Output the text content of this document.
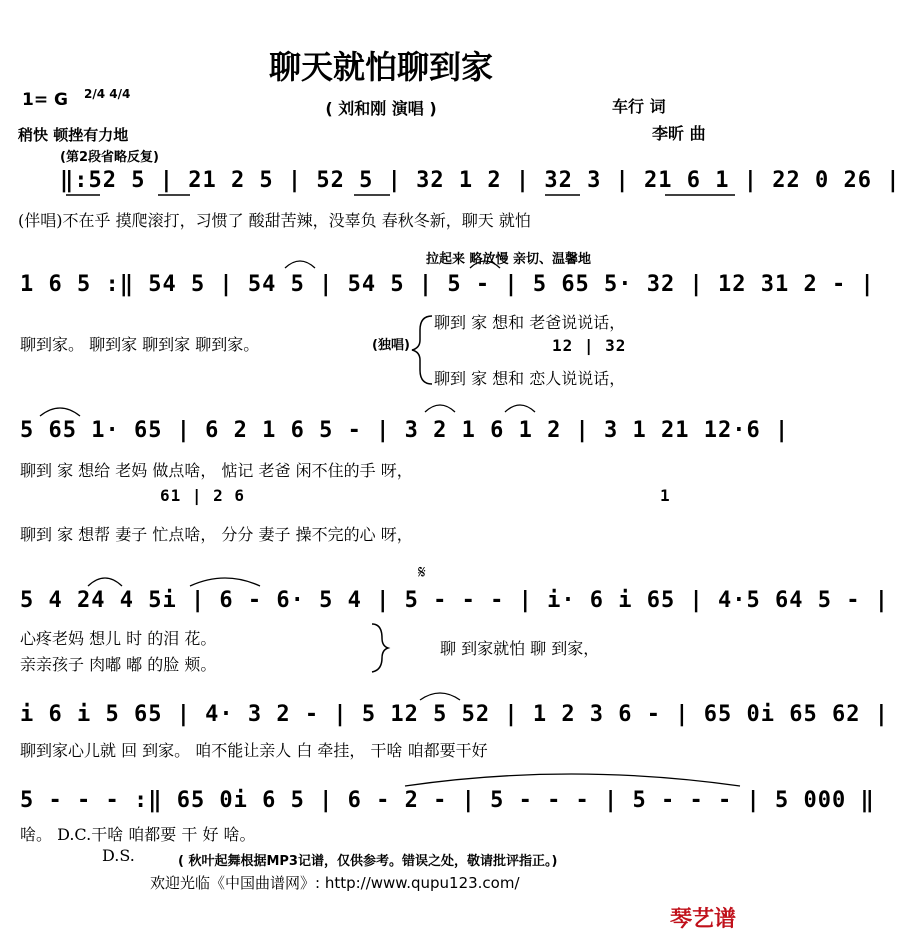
聊天就怕聊到家
( 刘和刚 演唱 )
1= G 2/4 4/4
稍快 顿挫有力地
(第2段省略反复)
车行 词
李昕 曲
‖:52 5 | 21 2 5 | 52 5 | 32 1 2 | 32 3 | 21 6 1 | 22 0 26 |
(伴唱)不在乎 摸爬滚打，习惯了 酸甜苦辣，没辜负 春秋冬新，聊天 就怕
拉起来 略放慢 亲切、温馨地
1 6 5 :‖ 54 5 | 54 5 | 54 5 | 5 - | 5 65 5· 32 | 12 31 2 - |
聊到家。 聊到家 聊到家 聊到家。	(独唱)
聊到 家 想和 老爸说说话，
12 | 32
聊到 家 想和 恋人说说话，
5 65 1· 65 | 6 2 1 6 5 - | 3 2 1 6 1 2 | 3 1 21 12·6 |
聊到 家 想给 老妈 做点啥， 惦记 老爸 闲不住的手 呀，
61 | 2 6	1
聊到 家 想帮 妻子 忙点啥， 分分 妻子 操不完的心 呀，
𝄋
5 4 24 4 5i | 6 - 6· 5 4 | 5 - - - | i· 6 i 65 | 4·5 64 5 - |
心疼老妈 想儿 时 的泪 花。
亲亲孩子 肉嘟 嘟 的脸 颊。
聊 到家就怕 聊 到家，
i 6 i 5 65 | 4· 3 2 - | 5 12 5 52 | 1 2 3 6 - | 65 0i 65 62 |
聊到家心儿就 回 到家。 咱不能让亲人 白 牵挂， 干啥 咱都要干好
5 - - - :‖ 65 0i 6 5 | 6 - 2 - | 5 - - - | 5 - - - | 5 000 ‖
啥。 D.C.干啥 咱都要 干 好 啥。
D.S.	( 秋叶起舞根据MP3记谱，仅供参考。错误之处，敬请批评指正。)
欢迎光临《中国曲谱网》: http://www.qupu123.com/
琴艺谱
